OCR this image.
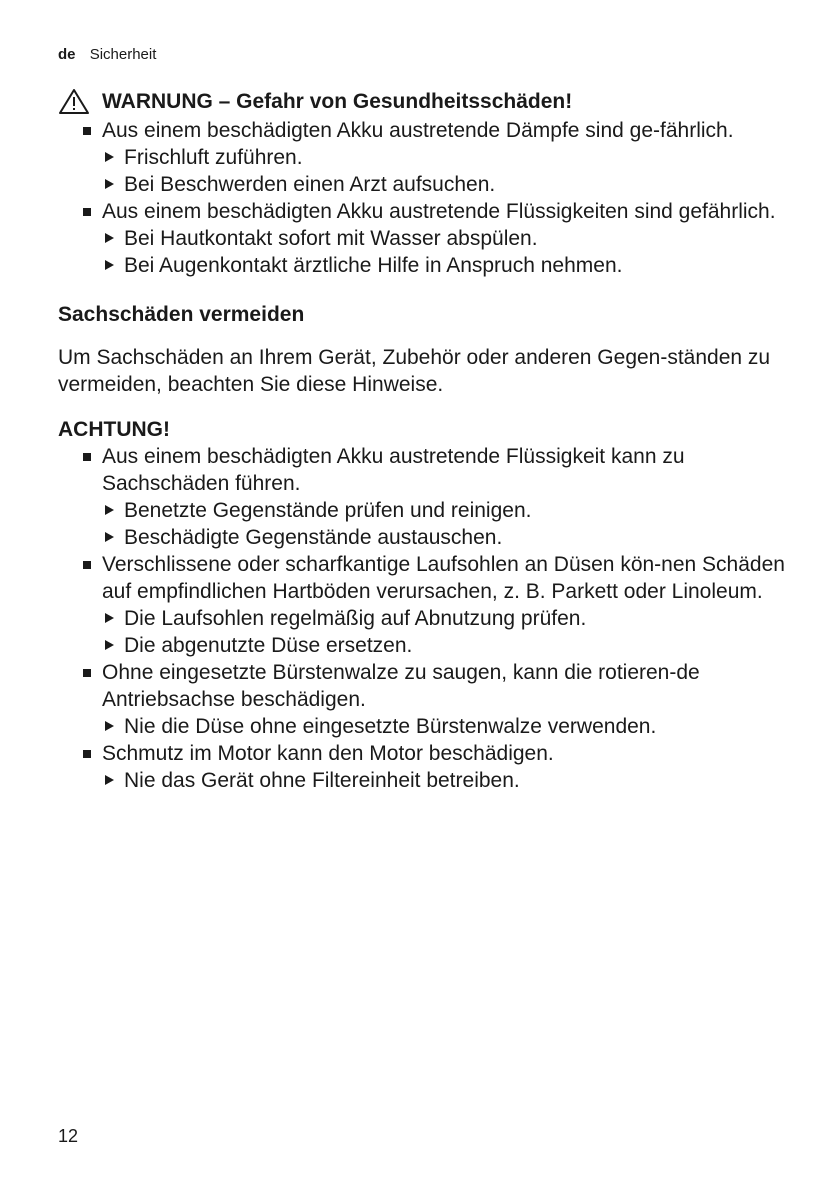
de Sicherheit
WARNUNG – Gefahr von Gesundheitsschäden!
Aus einem beschädigten Akku austretende Dämpfe sind ge-fährlich.
Frischluft zuführen.
Bei Beschwerden einen Arzt aufsuchen.
Aus einem beschädigten Akku austretende Flüssigkeiten sind gefährlich.
Bei Hautkontakt sofort mit Wasser abspülen.
Bei Augenkontakt ärztliche Hilfe in Anspruch nehmen.
Sachschäden vermeiden
Um Sachschäden an Ihrem Gerät, Zubehör oder anderen Gegen-ständen zu vermeiden, beachten Sie diese Hinweise.
ACHTUNG!
Aus einem beschädigten Akku austretende Flüssigkeit kann zu Sachschäden führen.
Benetzte Gegenstände prüfen und reinigen.
Beschädigte Gegenstände austauschen.
Verschlissene oder scharfkantige Laufsohlen an Düsen kön-nen Schäden auf empfindlichen Hartböden verursachen, z. B. Parkett oder Linoleum.
Die Laufsohlen regelmäßig auf Abnutzung prüfen.
Die abgenutzte Düse ersetzen.
Ohne eingesetzte Bürstenwalze zu saugen, kann die rotieren-de Antriebsachse beschädigen.
Nie die Düse ohne eingesetzte Bürstenwalze verwenden.
Schmutz im Motor kann den Motor beschädigen.
Nie das Gerät ohne Filtereinheit betreiben.
12
